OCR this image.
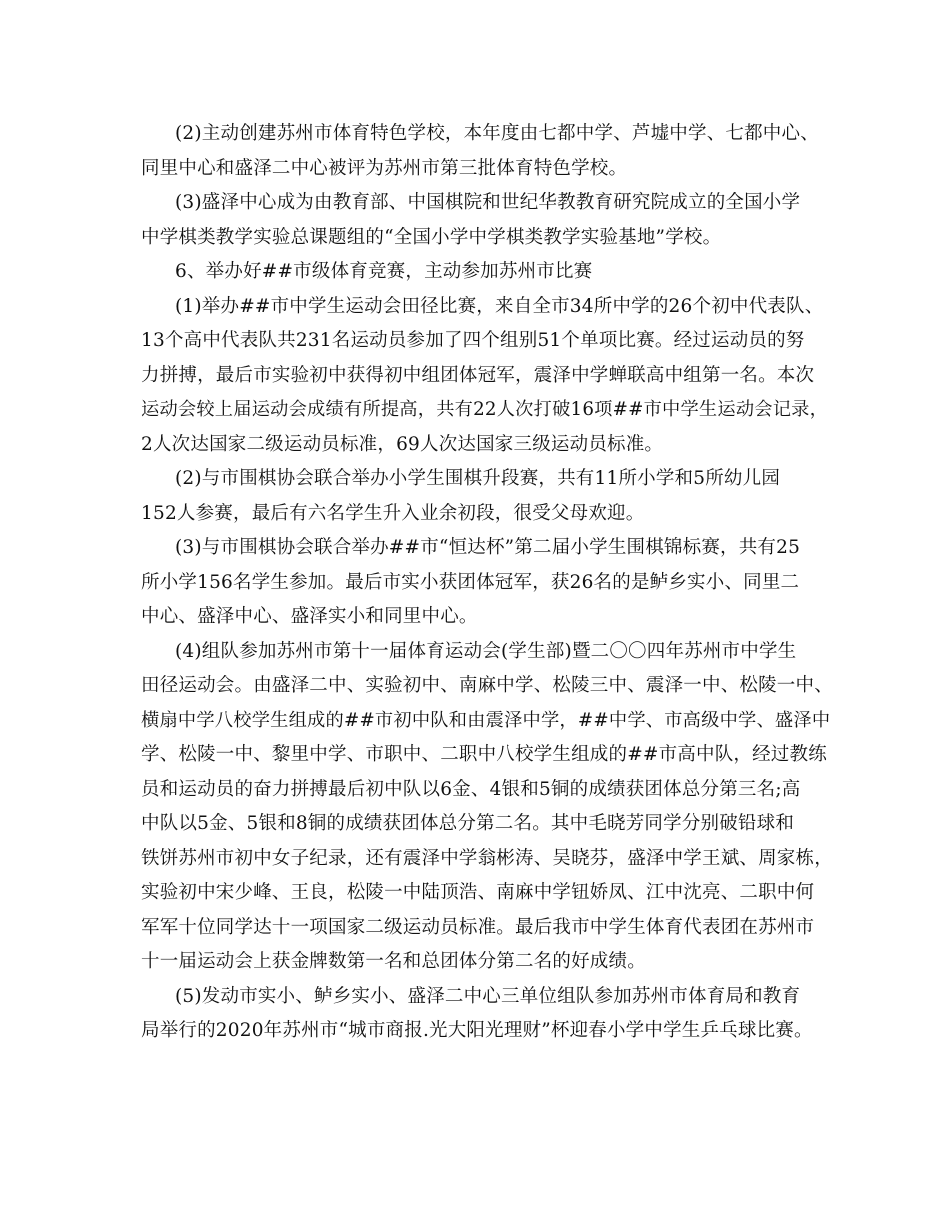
(2)主动创建苏州市体育特色学校，本年度由七都中学、芦墟中学、七都中心、
同里中心和盛泽二中心被评为苏州市第三批体育特色学校。
(3)盛泽中心成为由教育部、中国棋院和世纪华教教育研究院成立的全国小学
中学棋类教学实验总课题组的“全国小学中学棋类教学实验基地”学校。
6、举办好##市级体育竞赛，主动参加苏州市比赛
(1)举办##市中学生运动会田径比赛，来自全市34所中学的26个初中代表队、
13个高中代表队共231名运动员参加了四个组别51个单项比赛。经过运动员的努
力拼搏，最后市实验初中获得初中组团体冠军，震泽中学蝉联高中组第一名。本次
运动会较上届运动会成绩有所提高，共有22人次打破16项##市中学生运动会记录，
2人次达国家二级运动员标准，69人次达国家三级运动员标准。
(2)与市围棋协会联合举办小学生围棋升段赛，共有11所小学和5所幼儿园
152人参赛，最后有六名学生升入业余初段，很受父母欢迎。
(3)与市围棋协会联合举办##市“恒达杯”第二届小学生围棋锦标赛，共有25
所小学156名学生参加。最后市实小获团体冠军，获26名的是鲈乡实小、同里二
中心、盛泽中心、盛泽实小和同里中心。
(4)组队参加苏州市第十一届体育运动会(学生部)暨二〇〇四年苏州市中学生
田径运动会。由盛泽二中、实验初中、南麻中学、松陵三中、震泽一中、松陵一中、
横扇中学八校学生组成的##市初中队和由震泽中学，##中学、市高级中学、盛泽中
学、松陵一中、黎里中学、市职中、二职中八校学生组成的##市高中队，经过教练
员和运动员的奋力拼搏最后初中队以6金、4银和5铜的成绩获团体总分第三名;高
中队以5金、5银和8铜的成绩获团体总分第二名。其中毛晓芳同学分别破铅球和
铁饼苏州市初中女子纪录，还有震泽中学翁彬涛、吴晓芬，盛泽中学王斌、周家栋，
实验初中宋少峰、王良，松陵一中陆顶浩、南麻中学钮娇凤、江中沈亮、二职中何
军军十位同学达十一项国家二级运动员标准。最后我市中学生体育代表团在苏州市
十一届运动会上获金牌数第一名和总团体分第二名的好成绩。
(5)发动市实小、鲈乡实小、盛泽二中心三单位组队参加苏州市体育局和教育
局举行的2020年苏州市“城市商报.光大阳光理财”杯迎春小学中学生乒乓球比赛。
